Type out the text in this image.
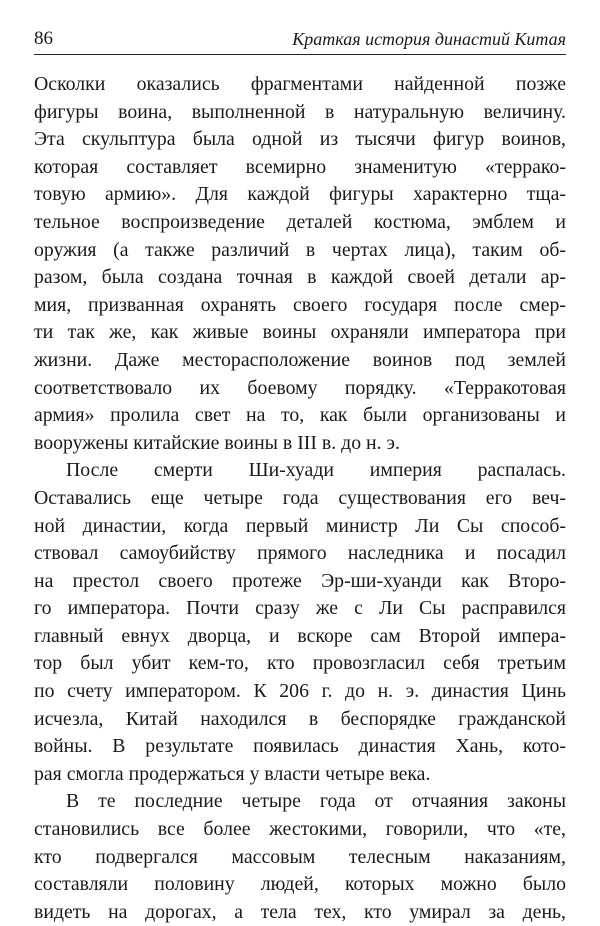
86	Краткая история династий Китая
Осколки оказались фрагментами найденной позже
фигуры воина, выполненной в натуральную величину.
Эта скульптура была одной из тысячи фигур воинов,
которая составляет всемирно знаменитую «террако-
товую армию». Для каждой фигуры характерно тща-
тельное воспроизведение деталей костюма, эмблем и
оружия (а также различий в чертах лица), таким об-
разом, была создана точная в каждой своей детали ар-
мия, призванная охранять своего государя после смер-
ти так же, как живые воины охраняли императора при
жизни. Даже месторасположение воинов под землей
соответствовало их боевому порядку. «Терракотовая
армия» пролила свет на то, как были организованы и
вооружены китайские воины в III в. до н. э.
После смерти Ши-хуади империя распалась.
Оставались еще четыре года существования его веч-
ной династии, когда первый министр Ли Сы способ-
ствовал самоубийству прямого наследника и посадил
на престол своего протеже Эр-ши-хуанди как Второ-
го императора. Почти сразу же с Ли Сы расправился
главный евнух дворца, и вскоре сам Второй импера-
тор был убит кем-то, кто провозгласил себя третьим
по счету императором. К 206 г. до н. э. династия Цинь
исчезла, Китай находился в беспорядке гражданской
войны. В результате появилась династия Хань, кото-
рая смогла продержаться у власти четыре века.
В те последние четыре года от отчаяния законы
становились все более жестокими, говорили, что «те,
кто подвергался массовым телесным наказаниям,
составляли половину людей, которых можно было
видеть на дорогах, а тела тех, кто умирал за день,
